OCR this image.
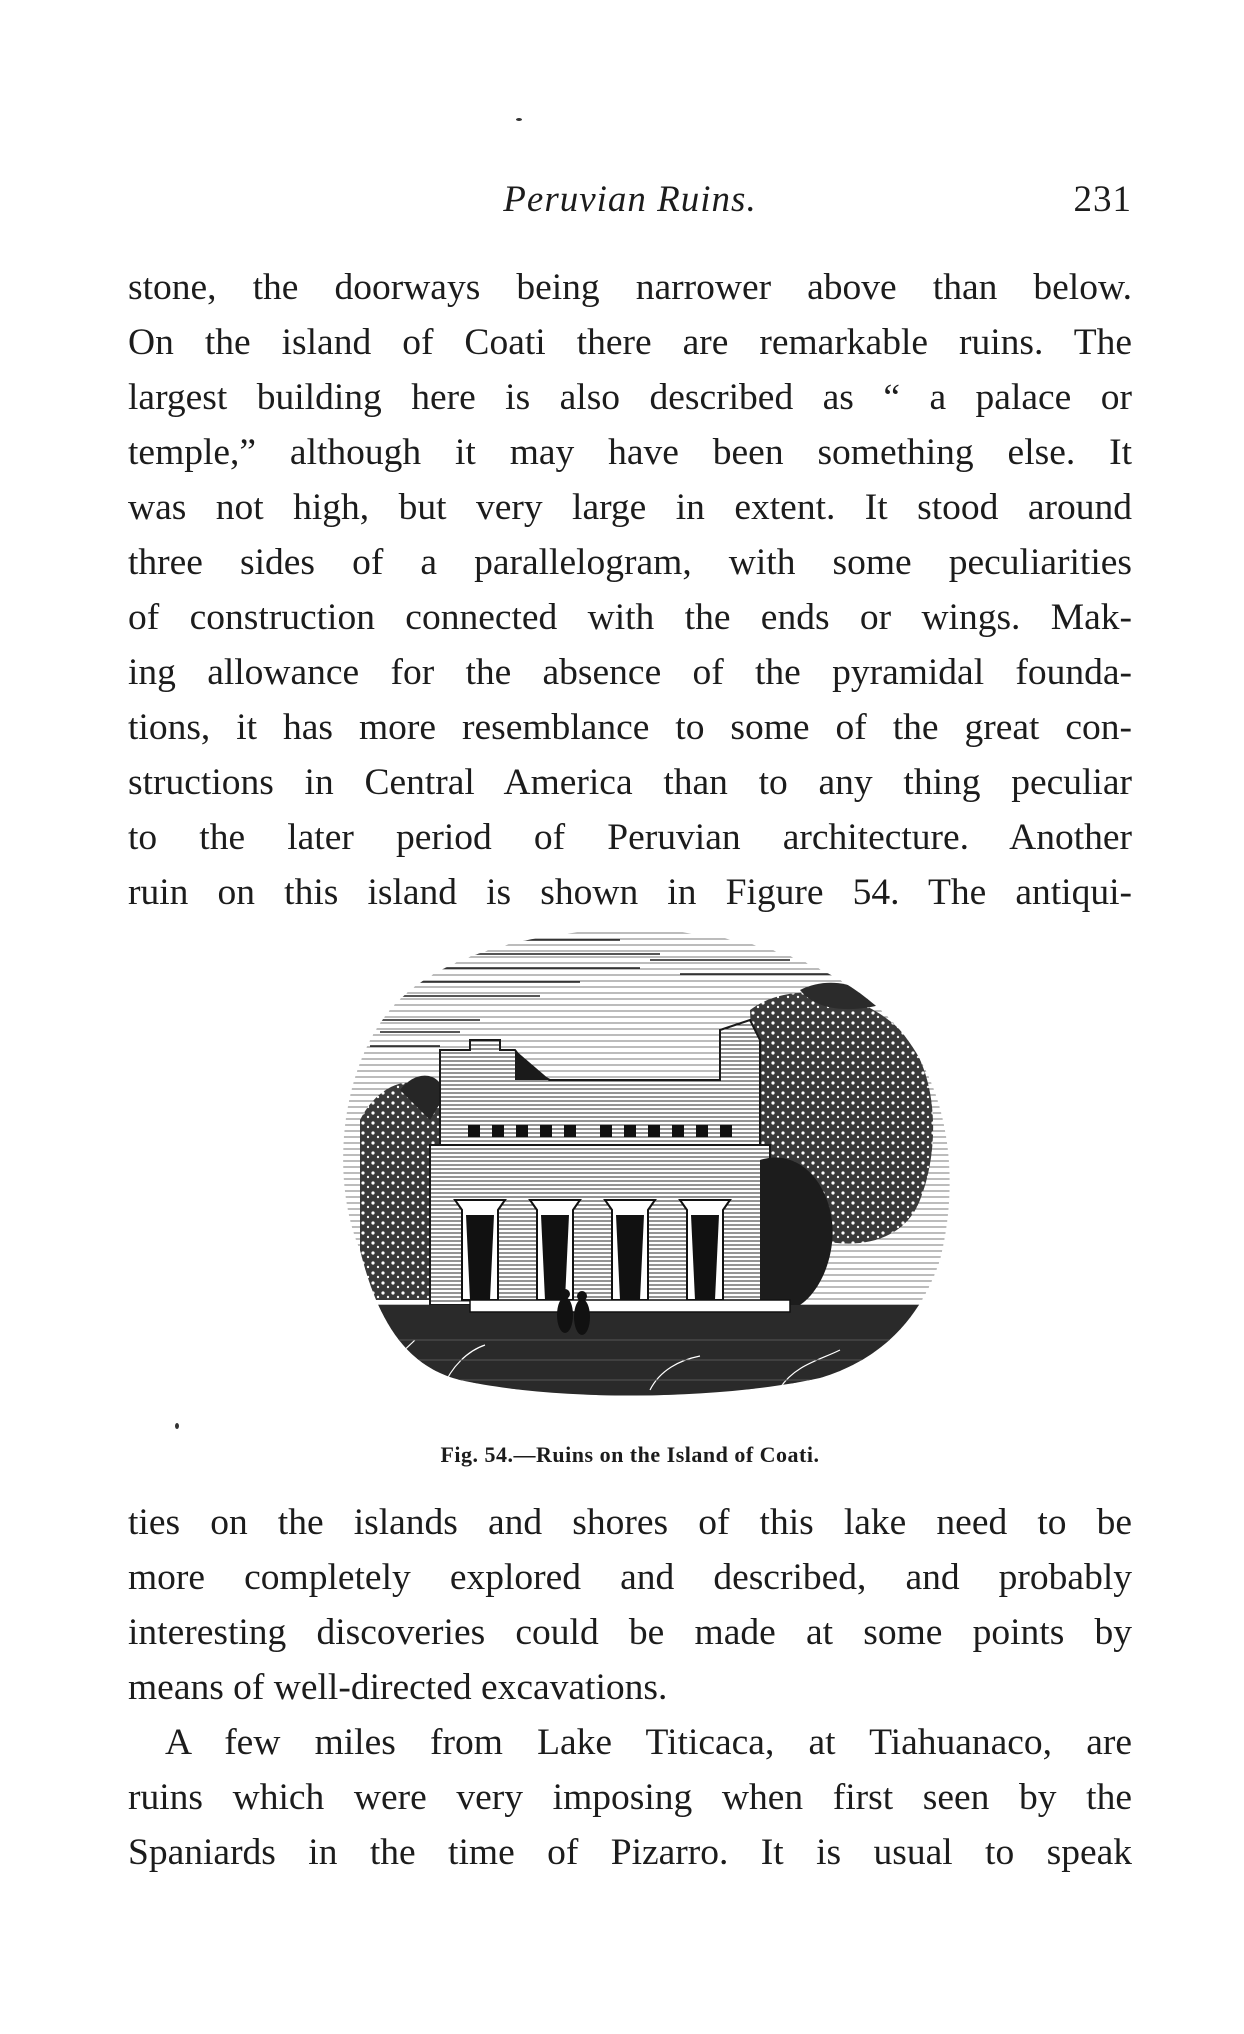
Peruvian Ruins.	231
stone, the doorways being narrower above than below.
On the island of Coati there are remarkable ruins. The
largest building here is also described as “ a palace or
temple,” although it may have been something else. It
was not high, but very large in extent. It stood around
three sides of a parallelogram, with some peculiarities
of construction connected with the ends or wings. Mak-
ing allowance for the absence of the pyramidal founda-
tions, it has more resemblance to some of the great con-
structions in Central America than to any thing peculiar
to the later period of Peruvian architecture. Another
ruin on this island is shown in Figure 54. The antiqui-
Fig. 54.—Ruins on the Island of Coati.
ties on the islands and shores of this lake need to be
more completely explored and described, and probably
interesting discoveries could be made at some points by
means of well-directed excavations.
A few miles from Lake Titicaca, at Tiahuanaco, are
ruins which were very imposing when first seen by the
Spaniards in the time of Pizarro. It is usual to speak
